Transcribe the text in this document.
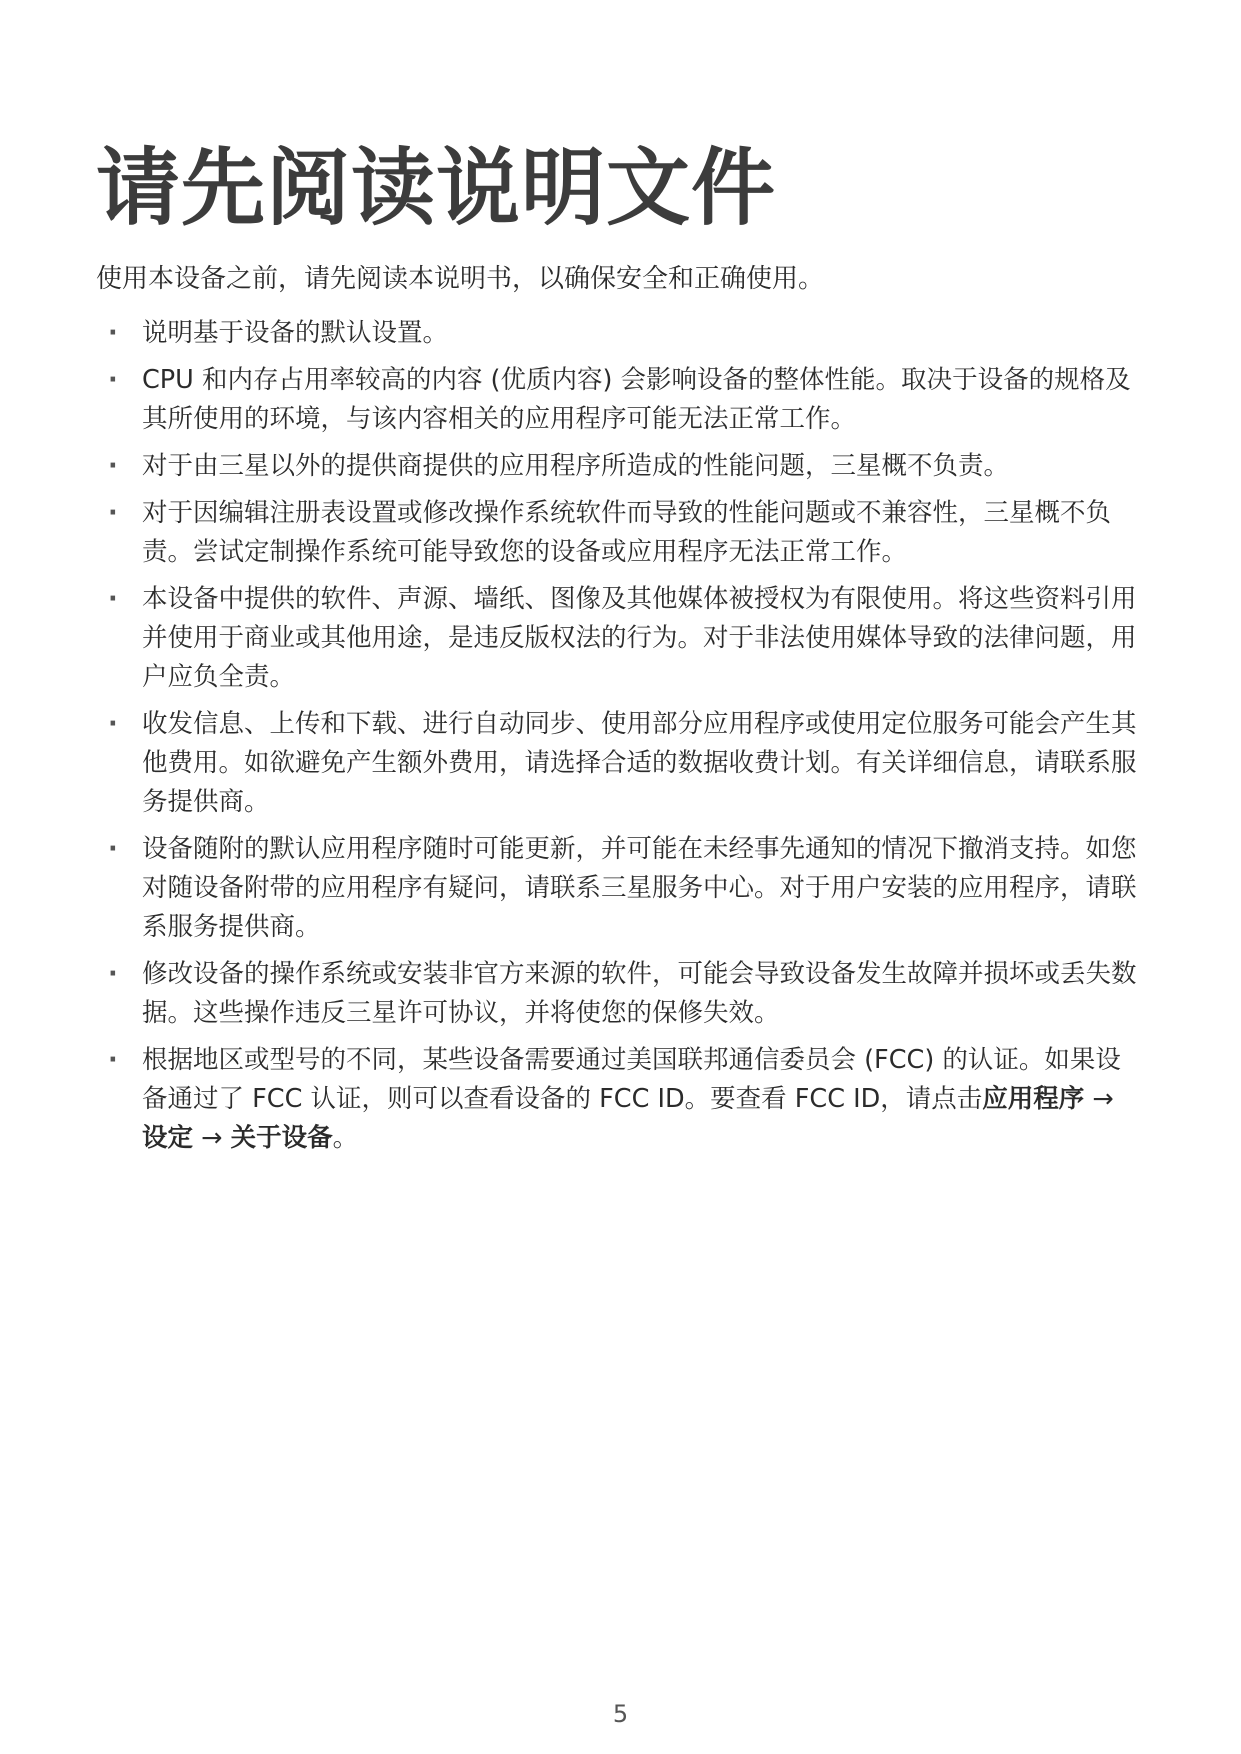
请先阅读说明文件

使用本设备之前，请先阅读本说明书，以确保安全和正确使用。

· 说明基于设备的默认设置。
· CPU 和内存占用率较高的内容 (优质内容) 会影响设备的整体性能。取决于设备的规格及其所使用的环境，与该内容相关的应用程序可能无法正常工作。
· 对于由三星以外的提供商提供的应用程序所造成的性能问题，三星概不负责。
· 对于因编辑注册表设置或修改操作系统软件而导致的性能问题或不兼容性，三星概不负责。尝试定制操作系统可能导致您的设备或应用程序无法正常工作。
· 本设备中提供的软件、声源、墙纸、图像及其他媒体被授权为有限使用。将这些资料引用并使用于商业或其他用途，是违反版权法的行为。对于非法使用媒体导致的法律问题，用户应负全责。
· 收发信息、上传和下载、进行自动同步、使用部分应用程序或使用定位服务可能会产生其他费用。如欲避免产生额外费用，请选择合适的数据收费计划。有关详细信息，请联系服务提供商。
· 设备随附的默认应用程序随时可能更新，并可能在未经事先通知的情况下撤消支持。如您对随设备附带的应用程序有疑问，请联系三星服务中心。对于用户安装的应用程序，请联系服务提供商。
· 修改设备的操作系统或安装非官方来源的软件，可能会导致设备发生故障并损坏或丢失数据。这些操作违反三星许可协议，并将使您的保修失效。
· 根据地区或型号的不同，某些设备需要通过美国联邦通信委员会 (FCC) 的认证。如果设备通过了 FCC 认证，则可以查看设备的 FCC ID。要查看 FCC ID，请点击应用程序 → 设定 → 关于设备。
5
